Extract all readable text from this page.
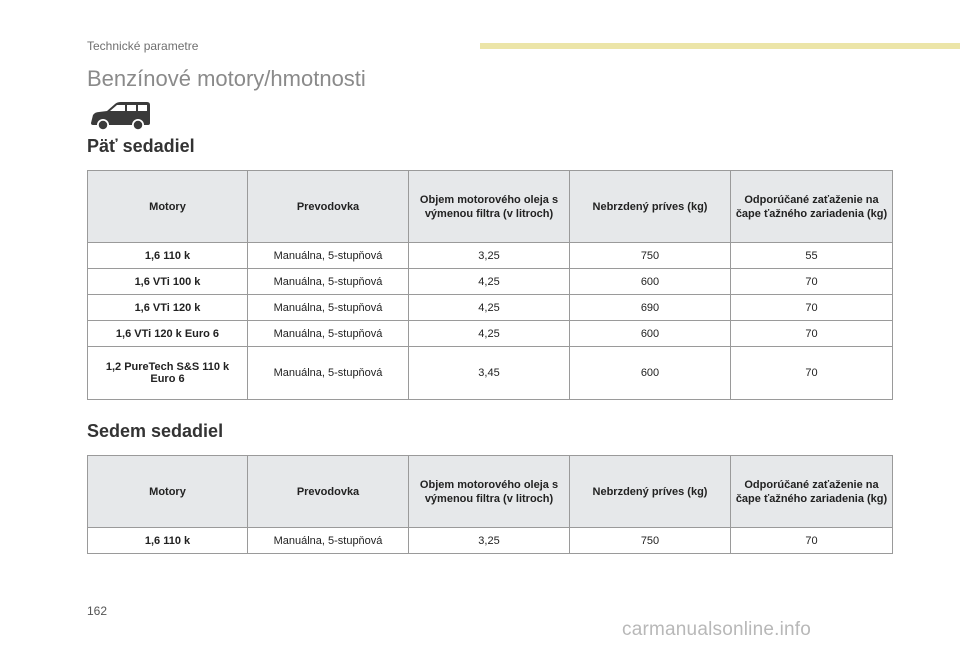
Technické parametre
Benzínové motory/hmotnosti
Päť sedadiel
Motory	Prevodovka	Objem motorového oleja s výmenou filtra (v litroch)	Nebrzdený príves (kg)	Odporúčané zaťaženie na čape ťažného zariadenia (kg)
1,6 110 k	Manuálna, 5-stupňová	3,25	750	55
1,6 VTi 100 k	Manuálna, 5-stupňová	4,25	600	70
1,6 VTi 120 k	Manuálna, 5-stupňová	4,25	690	70
1,6 VTi 120 k Euro 6	Manuálna, 5-stupňová	4,25	600	70
1,2 PureTech S&S 110 k Euro 6	Manuálna, 5-stupňová	3,45	600	70
Sedem sedadiel
Motory	Prevodovka	Objem motorového oleja s výmenou filtra (v litroch)	Nebrzdený príves (kg)	Odporúčané zaťaženie na čape ťažného zariadenia (kg)
1,6 110 k	Manuálna, 5-stupňová	3,25	750	70
162
carmanualsonline.info
